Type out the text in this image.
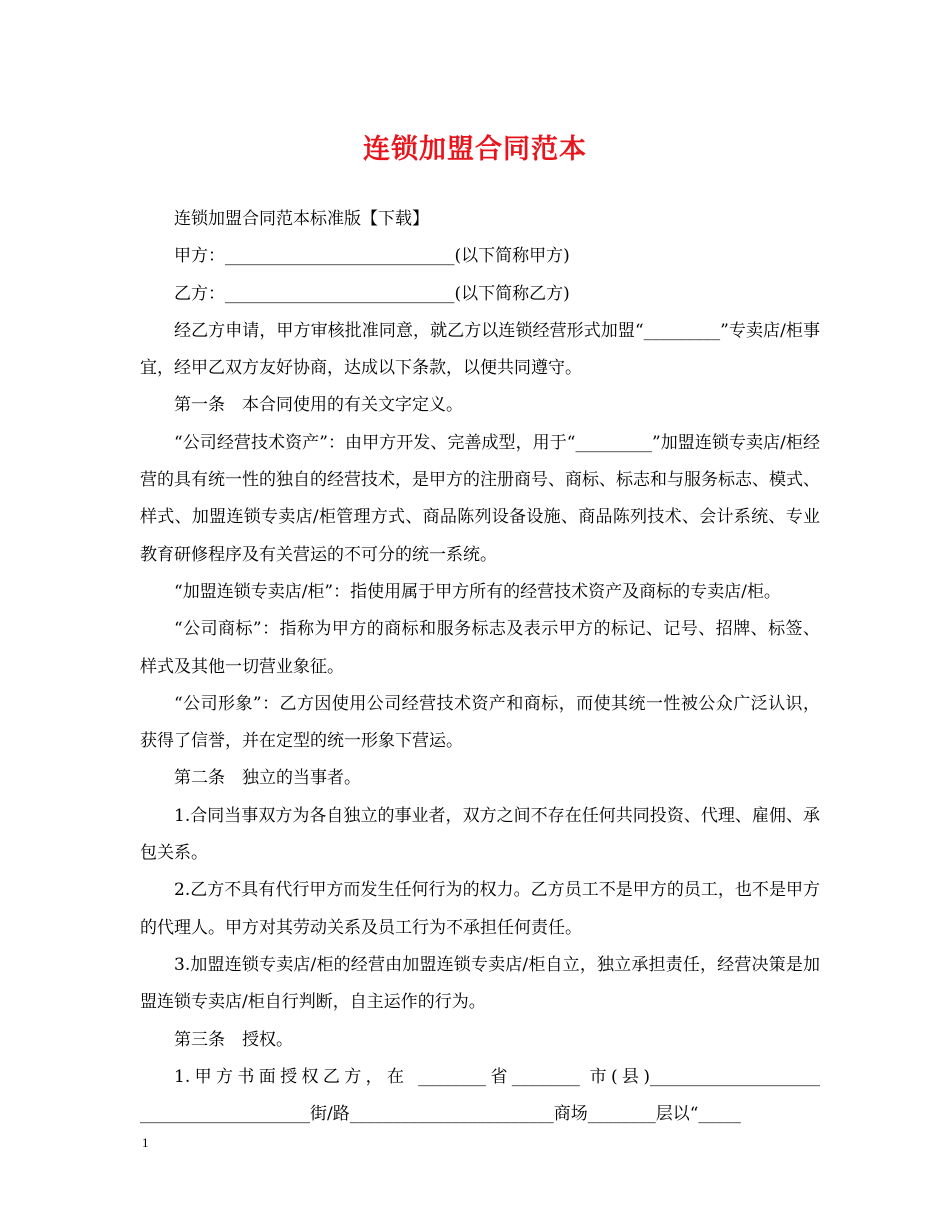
连锁加盟合同范本

连锁加盟合同范本标准版【下载】

甲方：___________________________(以下简称甲方)

乙方：___________________________(以下简称乙方)

经乙方申请，甲方审核批准同意，就乙方以连锁经营形式加盟“_________”专卖店/柜事宜，经甲乙双方友好协商，达成以下条款，以便共同遵守。

第一条　本合同使用的有关文字定义。

“公司经营技术资产”：由甲方开发、完善成型，用于“_________”加盟连锁专卖店/柜经营的具有统一性的独自的经营技术，是甲方的注册商号、商标、标志和与服务标志、模式、样式、加盟连锁专卖店/柜管理方式、商品陈列设备设施、商品陈列技术、会计系统、专业教育研修程序及有关营运的不可分的统一系统。

“加盟连锁专卖店/柜”：指使用属于甲方所有的经营技术资产及商标的专卖店/柜。

“公司商标”：指称为甲方的商标和服务标志及表示甲方的标记、记号、招牌、标签、样式及其他一切营业象征。

“公司形象”：乙方因使用公司经营技术资产和商标，而使其统一性被公众广泛认识，获得了信誉，并在定型的统一形象下营运。

第二条　独立的当事者。

1.合同当事双方为各自独立的事业者，双方之间不存在任何共同投资、代理、雇佣、承包关系。

2.乙方不具有代行甲方而发生任何行为的权力。乙方员工不是甲方的员工，也不是甲方的代理人。甲方对其劳动关系及员工行为不承担任何责任。

3.加盟连锁专卖店/柜的经营由加盟连锁专卖店/柜自立，独立承担责任，经营决策是加盟连锁专卖店/柜自行判断，自主运作的行为。

第三条　授权。

1.甲方书面授权乙方，在 ________省________ 市(县)____________________ ____________________街/路________________________商场________层以“_____

1
